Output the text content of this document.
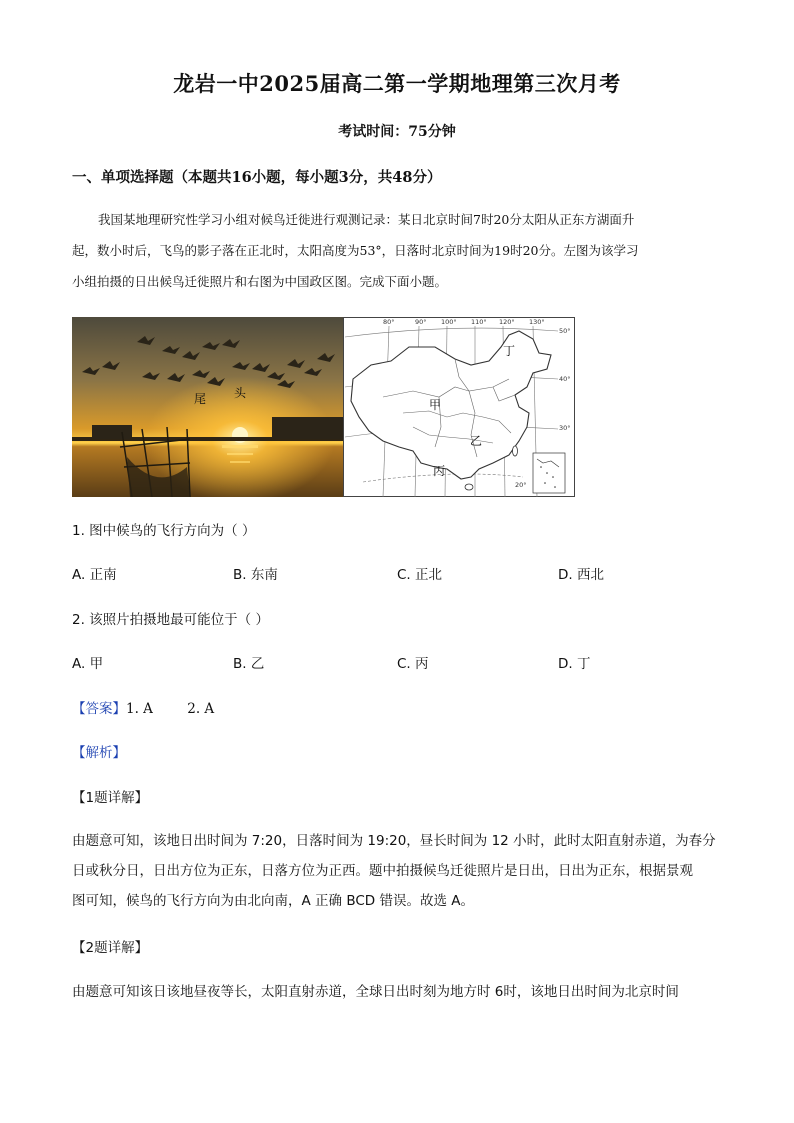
龙岩一中2025届高二第一学期地理第三次月考
考试时间：75分钟
一、单项选择题（本题共16小题，每小题3分，共48分）
我国某地理研究性学习小组对候鸟迁徙进行观测记录：某日北京时间7时20分太阳从正东方湖面升
起，数小时后，飞鸟的影子落在正北时，太阳高度为53°，日落时北京时间为19时20分。左图为该学习
小组拍摄的日出候鸟迁徙照片和右图为中国政区图。完成下面小题。
尾 头
80°	90° 100° 110° 120° 130°
50°
40°
30°
20°
甲
乙
丙
丁
1. 图中候鸟的飞行方向为（ ）
A. 正南	B. 东南	C. 正北	D. 西北
2. 该照片拍摄地最可能位于（ ）
A. 甲	B. 乙	C. 丙	D. 丁
【答案】1. A        2. A
【解析】
【1题详解】
由题意可知，该地日出时间为 7:20，日落时间为 19:20，昼长时间为 12 小时，此时太阳直射赤道，为春分
日或秋分日，日出方位为正东，日落方位为正西。题中拍摄候鸟迁徙照片是日出，日出为正东，根据景观
图可知，候鸟的飞行方向为由北向南，A 正确 BCD 错误。故选 A。
【2题详解】
由题意可知该日该地昼夜等长，太阳直射赤道，全球日出时刻为地方时 6时，该地日出时间为北京时间
